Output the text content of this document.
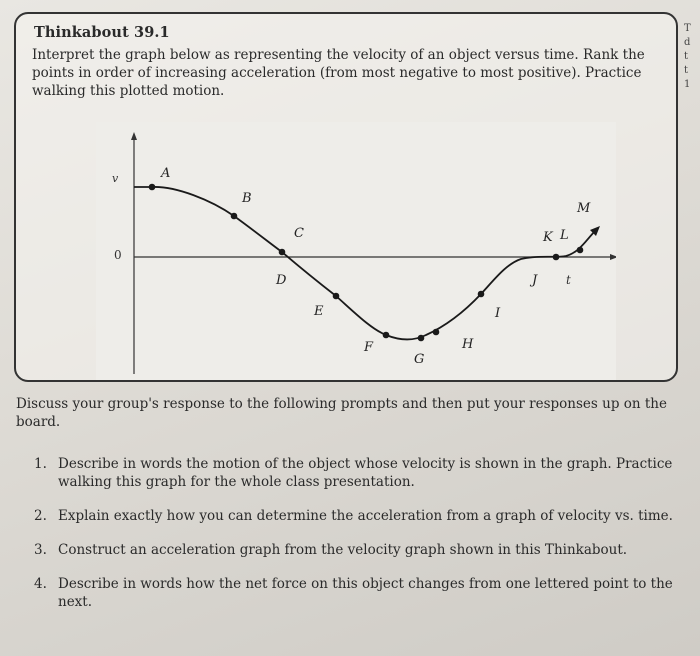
T
d
t
t
1
Thinkabout 39.1
Interpret the graph below as representing the velocity of an object versus time. Rank the points in order of increasing acceleration (from most negative to most positive). Practice walking this plotted motion.
v
0
t
A
B
C
D
E
F
G
H
I
J
K L
M
Discuss your group's response to the following prompts and then put your responses up on the board.
1. Describe in words the motion of the object whose velocity is shown in the graph. Practice walking this graph for the whole class presentation.
2. Explain exactly how you can determine the acceleration from a graph of velocity vs. time.
3. Construct an acceleration graph from the velocity graph shown in this Thinkabout.
4. Describe in words how the net force on this object changes from one lettered point to the next.
